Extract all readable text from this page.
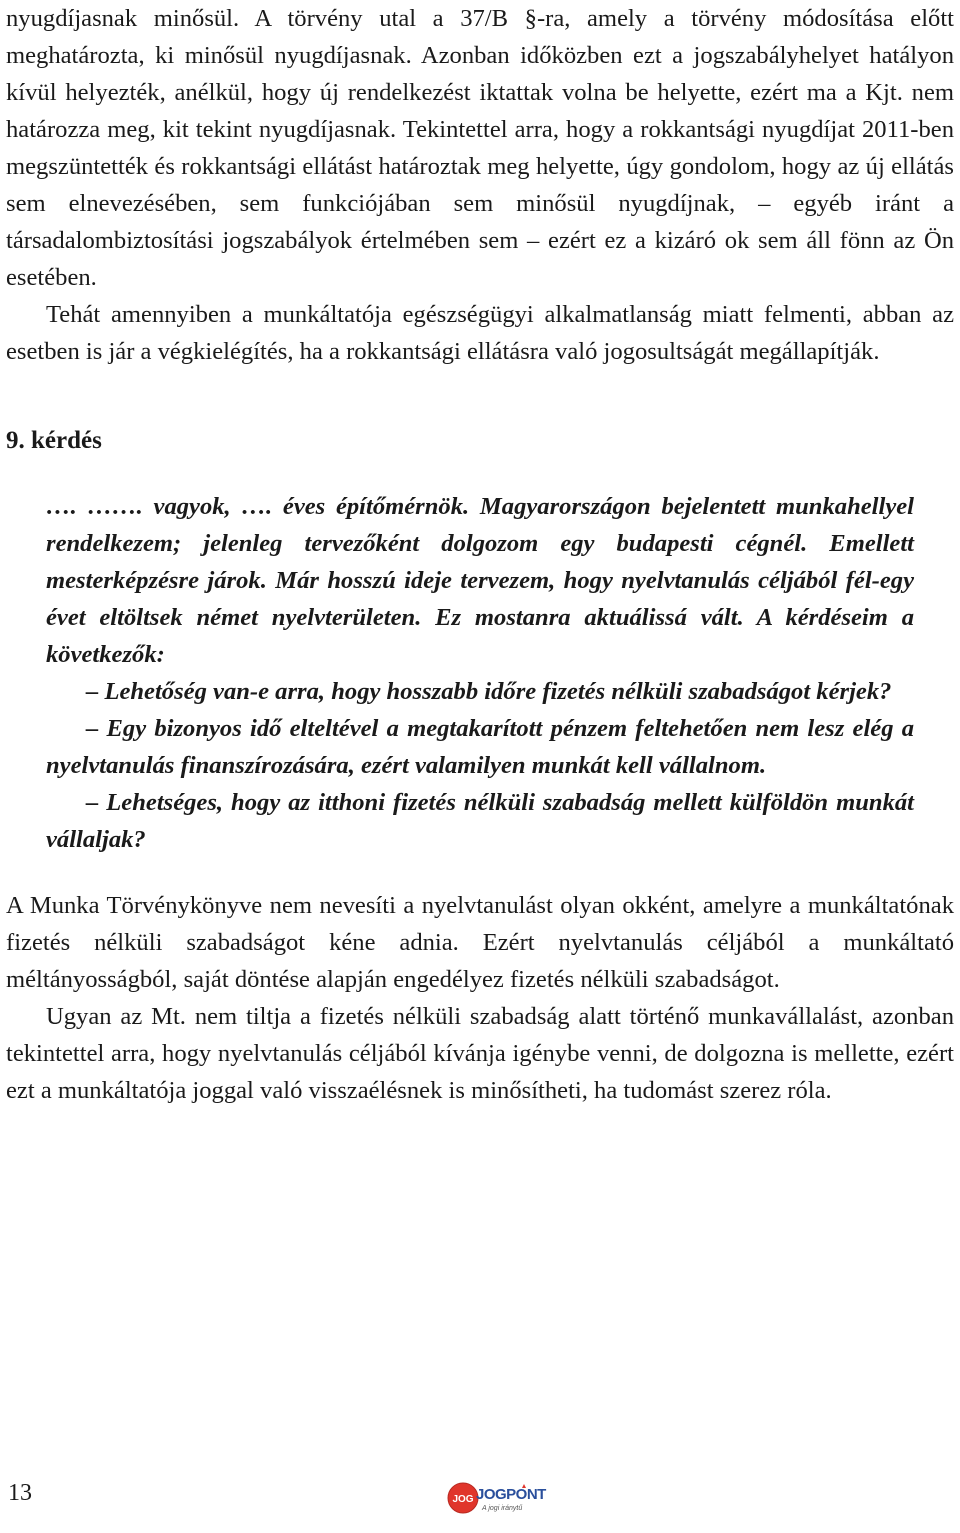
nyugdíjasnak minősül. A törvény utal a 37/B §-ra, amely a törvény módosítása előtt meghatározta, ki minősül nyugdíjasnak. Azonban időközben ezt a jogszabályhelyet hatályon kívül helyezték, anélkül, hogy új rendelkezést iktattak volna be helyette, ezért ma a Kjt. nem határozza meg, kit tekint nyugdíjasnak. Tekintettel arra, hogy a rokkantsági nyugdíjat 2011-ben megszüntették és rokkantsági ellátást határoztak meg helyette, úgy gondolom, hogy az új ellátás sem elnevezésében, sem funkciójában sem minősül nyugdíjnak, – egyéb iránt a társadalombiztosítási jogszabályok értelmében sem – ezért ez a kizáró ok sem áll fönn az Ön esetében.

Tehát amennyiben a munkáltatója egészségügyi alkalmatlanság miatt felmenti, abban az esetben is jár a végkielégítés, ha a rokkantsági ellátásra való jogosultságát megállapítják.

9. kérdés

…. ……. vagyok, …. éves építőmérnök. Magyarországon bejelentett munkahellyel rendelkezem; jelenleg tervezőként dolgozom egy budapesti cégnél. Emellett mesterképzésre járok. Már hosszú ideje tervezem, hogy nyelvtanulás céljából fél-egy évet eltöltsek német nyelvterületen. Ez mostanra aktuálissá vált. A kérdéseim a következők:

– Lehetőség van-e arra, hogy hosszabb időre fizetés nélküli szabadságot kérjek?

– Egy bizonyos idő elteltével a megtakarított pénzem feltehetően nem lesz elég a nyelvtanulás finanszírozására, ezért valamilyen munkát kell vállalnom.

– Lehetséges, hogy az itthoni fizetés nélküli szabadság mellett külföldön munkát vállaljak?

A Munka Törvénykönyve nem nevesíti a nyelvtanulást olyan okként, amelyre a munkáltatónak fizetés nélküli szabadságot kéne adnia. Ezért nyelvtanulás céljából a munkáltató méltányosságból, saját döntése alapján engedélyez fizetés nélküli szabadságot.

Ugyan az Mt. nem tiltja a fizetés nélküli szabadság alatt történő munkavállalást, azonban tekintettel arra, hogy nyelvtanulás céljából kívánja igénybe venni, de dolgozna is mellette, ezért ezt a munkáltatója joggal való visszaélésnek is minősítheti, ha tudomást szerez róla.

13	JOG JOGPONT
A jogi iránytű
